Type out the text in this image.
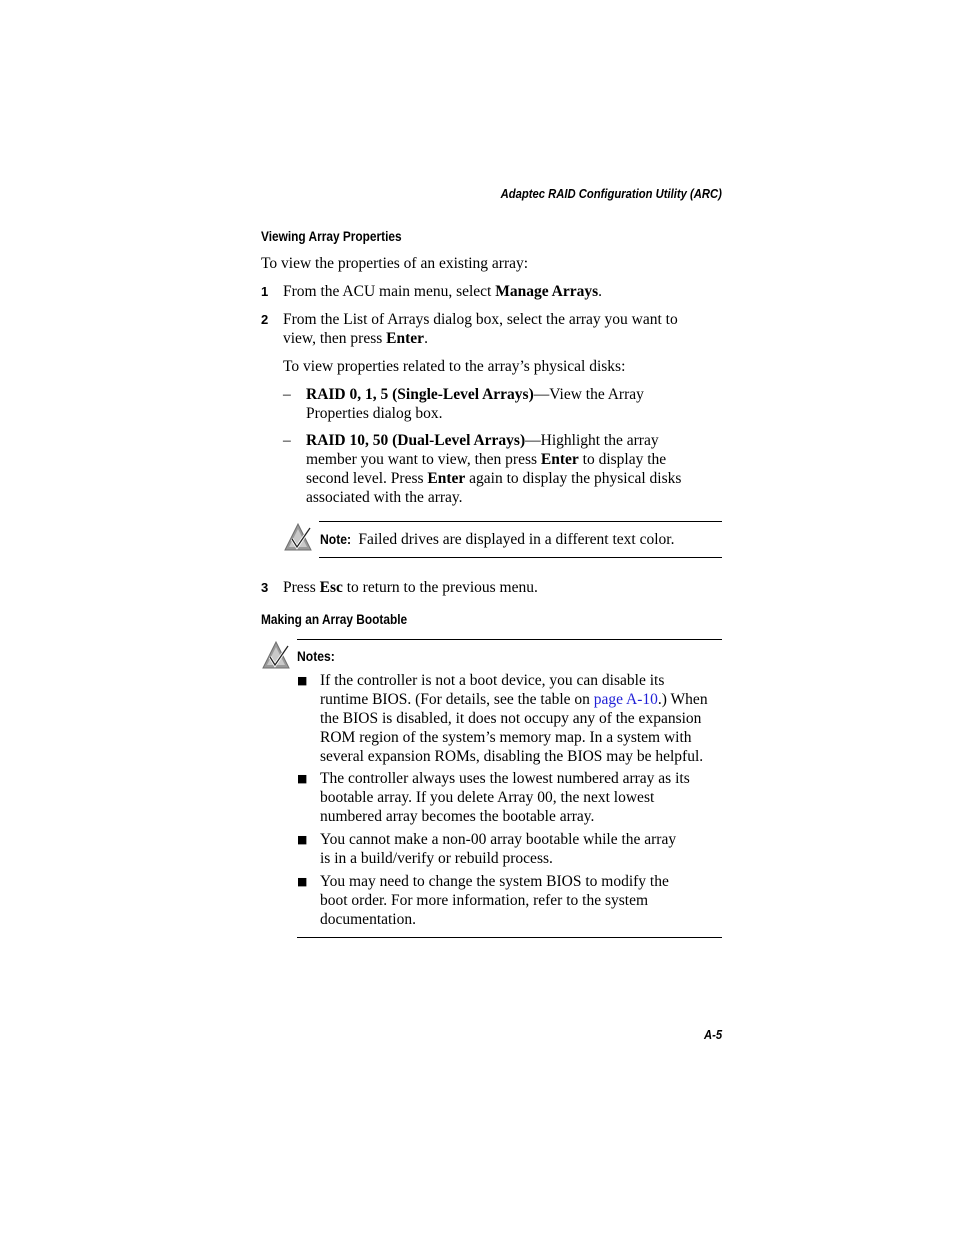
Adaptec RAID Configuration Utility (ARC)
Viewing Array Properties
To view the properties of an existing array:
1 From the ACU main menu, select Manage Arrays.
2 From the List of Arrays dialog box, select the array you want to
view, then press Enter.
To view properties related to the array’s physical disks:
– RAID 0, 1, 5 (Single-Level Arrays)—View the Array
Properties dialog box.
– RAID 10, 50 (Dual-Level Arrays)—Highlight the array
member you want to view, then press Enter to display the
second level. Press Enter again to display the physical disks
associated with the array.
Note: Failed drives are displayed in a different text color.
3 Press Esc to return to the previous menu.
Making an Array Bootable
Notes:
■ If the controller is not a boot device, you can disable its
runtime BIOS. (For details, see the table on page A-10.) When
the BIOS is disabled, it does not occupy any of the expansion
ROM region of the system’s memory map. In a system with
several expansion ROMs, disabling the BIOS may be helpful.
■ The controller always uses the lowest numbered array as its
bootable array. If you delete Array 00, the next lowest
numbered array becomes the bootable array.
■ You cannot make a non-00 array bootable while the array
is in a build/verify or rebuild process.
■ You may need to change the system BIOS to modify the
boot order. For more information, refer to the system
documentation.
A-5
